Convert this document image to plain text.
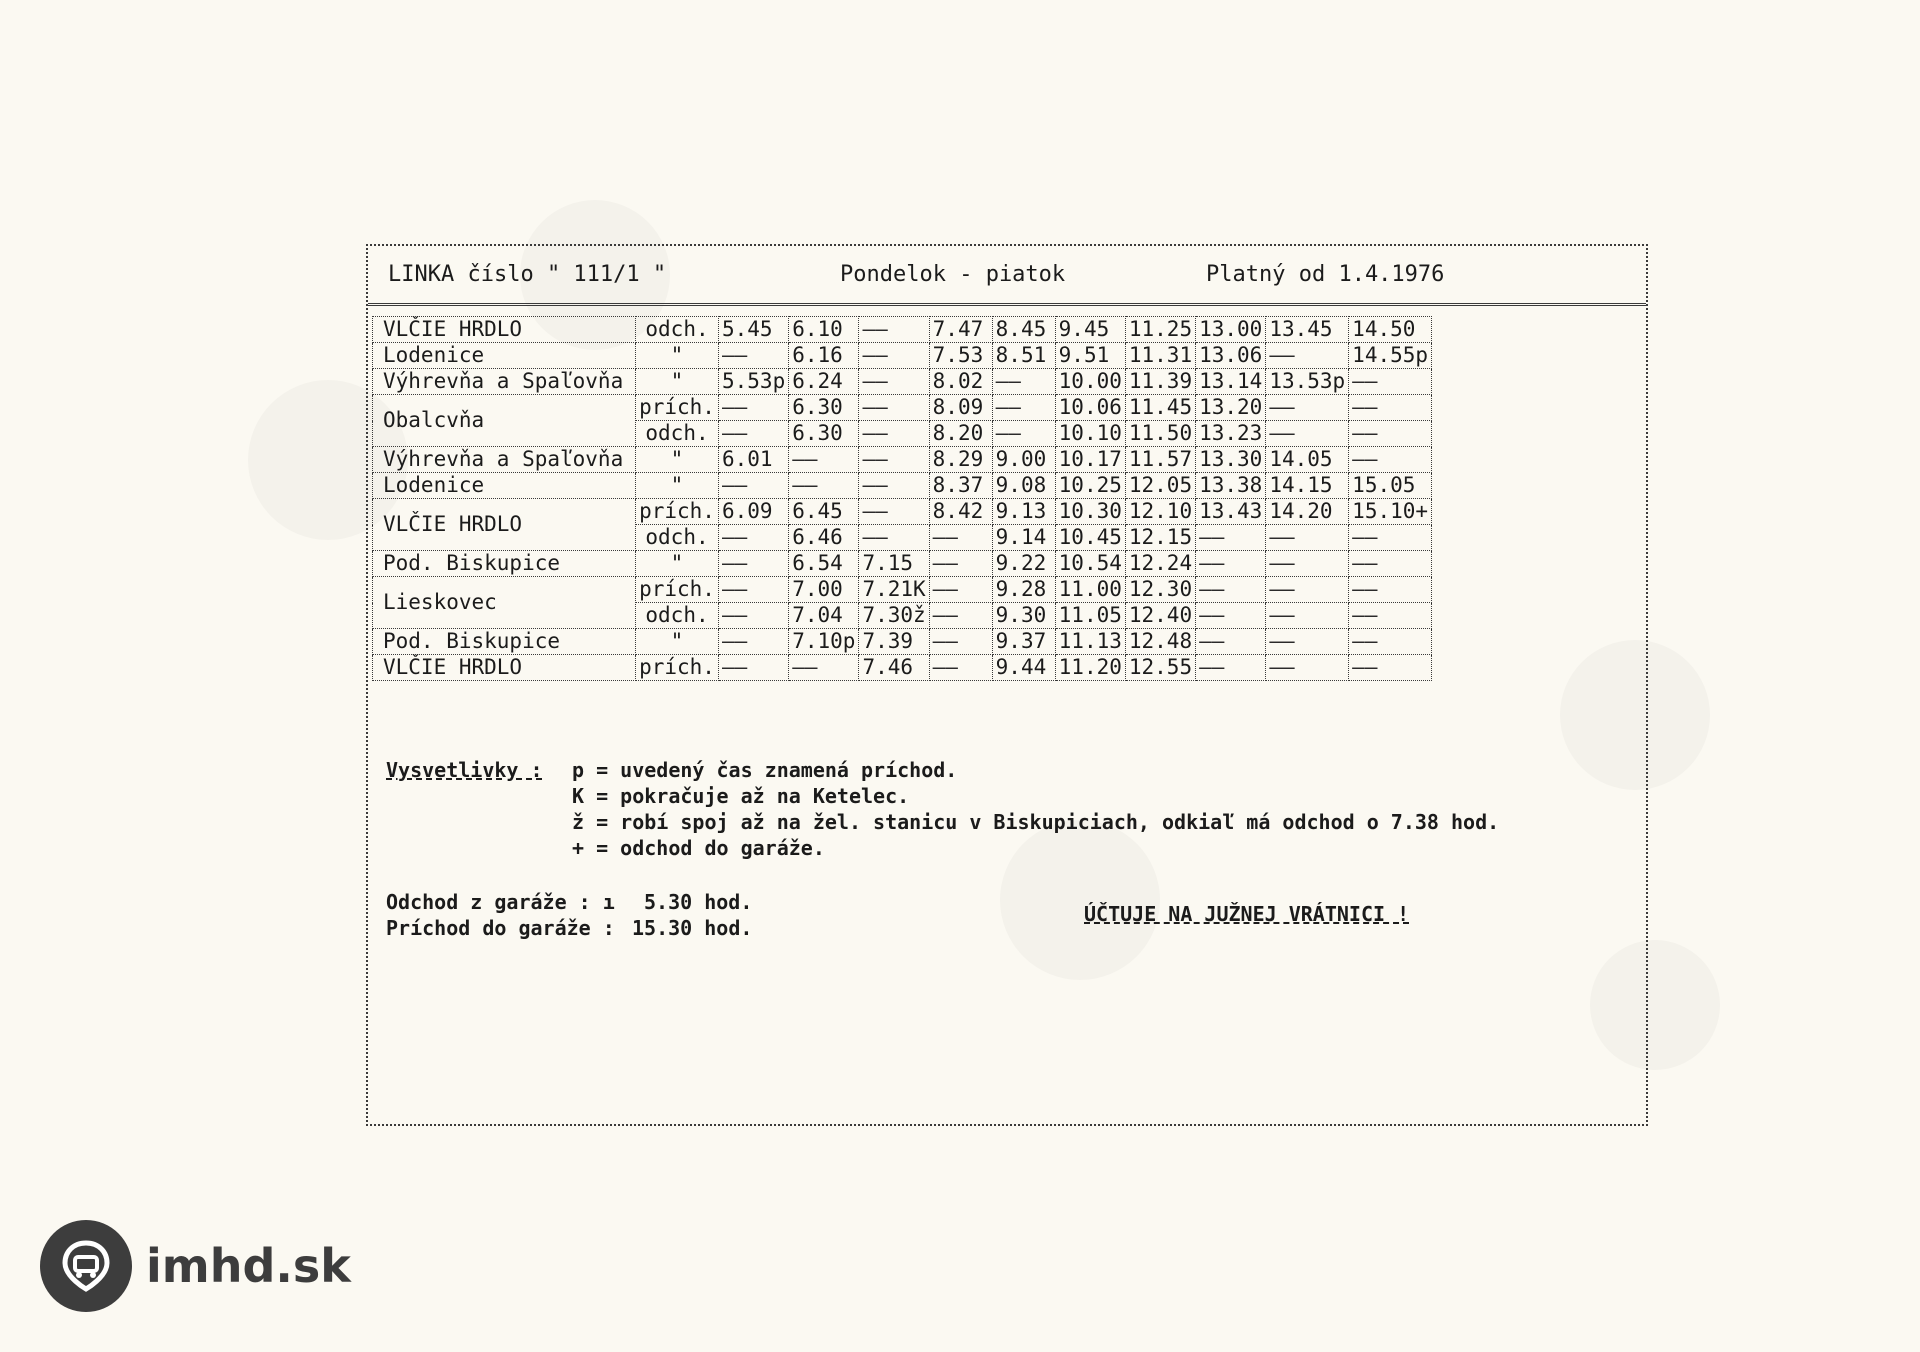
LINKA číslo " 111/1 "	Pondelok - piatok	Platný od 1.4.1976
VLČIE HRDLO	odch.	5.45	6.10	——	7.47	8.45	9.45	11.25	13.00	13.45	14.50	
Lodenice	"	——	6.16	——	7.53	8.51	9.51	11.31	13.06	——	14.55p	
Výhrevňa a Spaľovňa	"	5.53p	6.24	——	8.02	——	10.00	11.39	13.14	13.53p	——	
Obalcvňa	prích.	——	6.30	——	8.09	——	10.06	11.45	13.20	——	——	
	odch.	——	6.30	——	8.20	——	10.10	11.50	13.23	——	——	
Výhrevňa a Spaľovňa	"	6.01	——	——	8.29	9.00	10.17	11.57	13.30	14.05	——	
Lodenice	"	——	——	——	8.37	9.08	10.25	12.05	13.38	14.15	15.05	
VLČIE HRDLO	prích.	6.09	6.45	——	8.42	9.13	10.30	12.10	13.43	14.20	15.10+	
	odch.	——	6.46	——	——	9.14	10.45	12.15	——	——	——	
Pod. Biskupice	"	——	6.54	7.15	——	9.22	10.54	12.24	——	——	——	
Lieskovec	prích.	——	7.00	7.21K	——	9.28	11.00	12.30	——	——	——	
	odch.	——	7.04	7.30ž	——	9.30	11.05	12.40	——	——	——	
Pod. Biskupice	"	——	7.10p	7.39	——	9.37	11.13	12.48	——	——	——	
VLČIE HRDLO	prích.	——	——	7.46	——	9.44	11.20	12.55	——	——	——	
Vysvetlivky : p = uvedený čas znamená príchod.
K = pokračuje až na Ketelec.
ž = robí spoj až na žel. stanicu v Biskupiciach, odkiaľ má odchod o 7.38 hod.
+ = odchod do garáže.
Odchod z garáže : ı 5.30 hod.
Príchod do garáže : 15.30 hod.
ÚČTUJE NA JUŽNEJ VRÁTNICI !
imhd.sk
